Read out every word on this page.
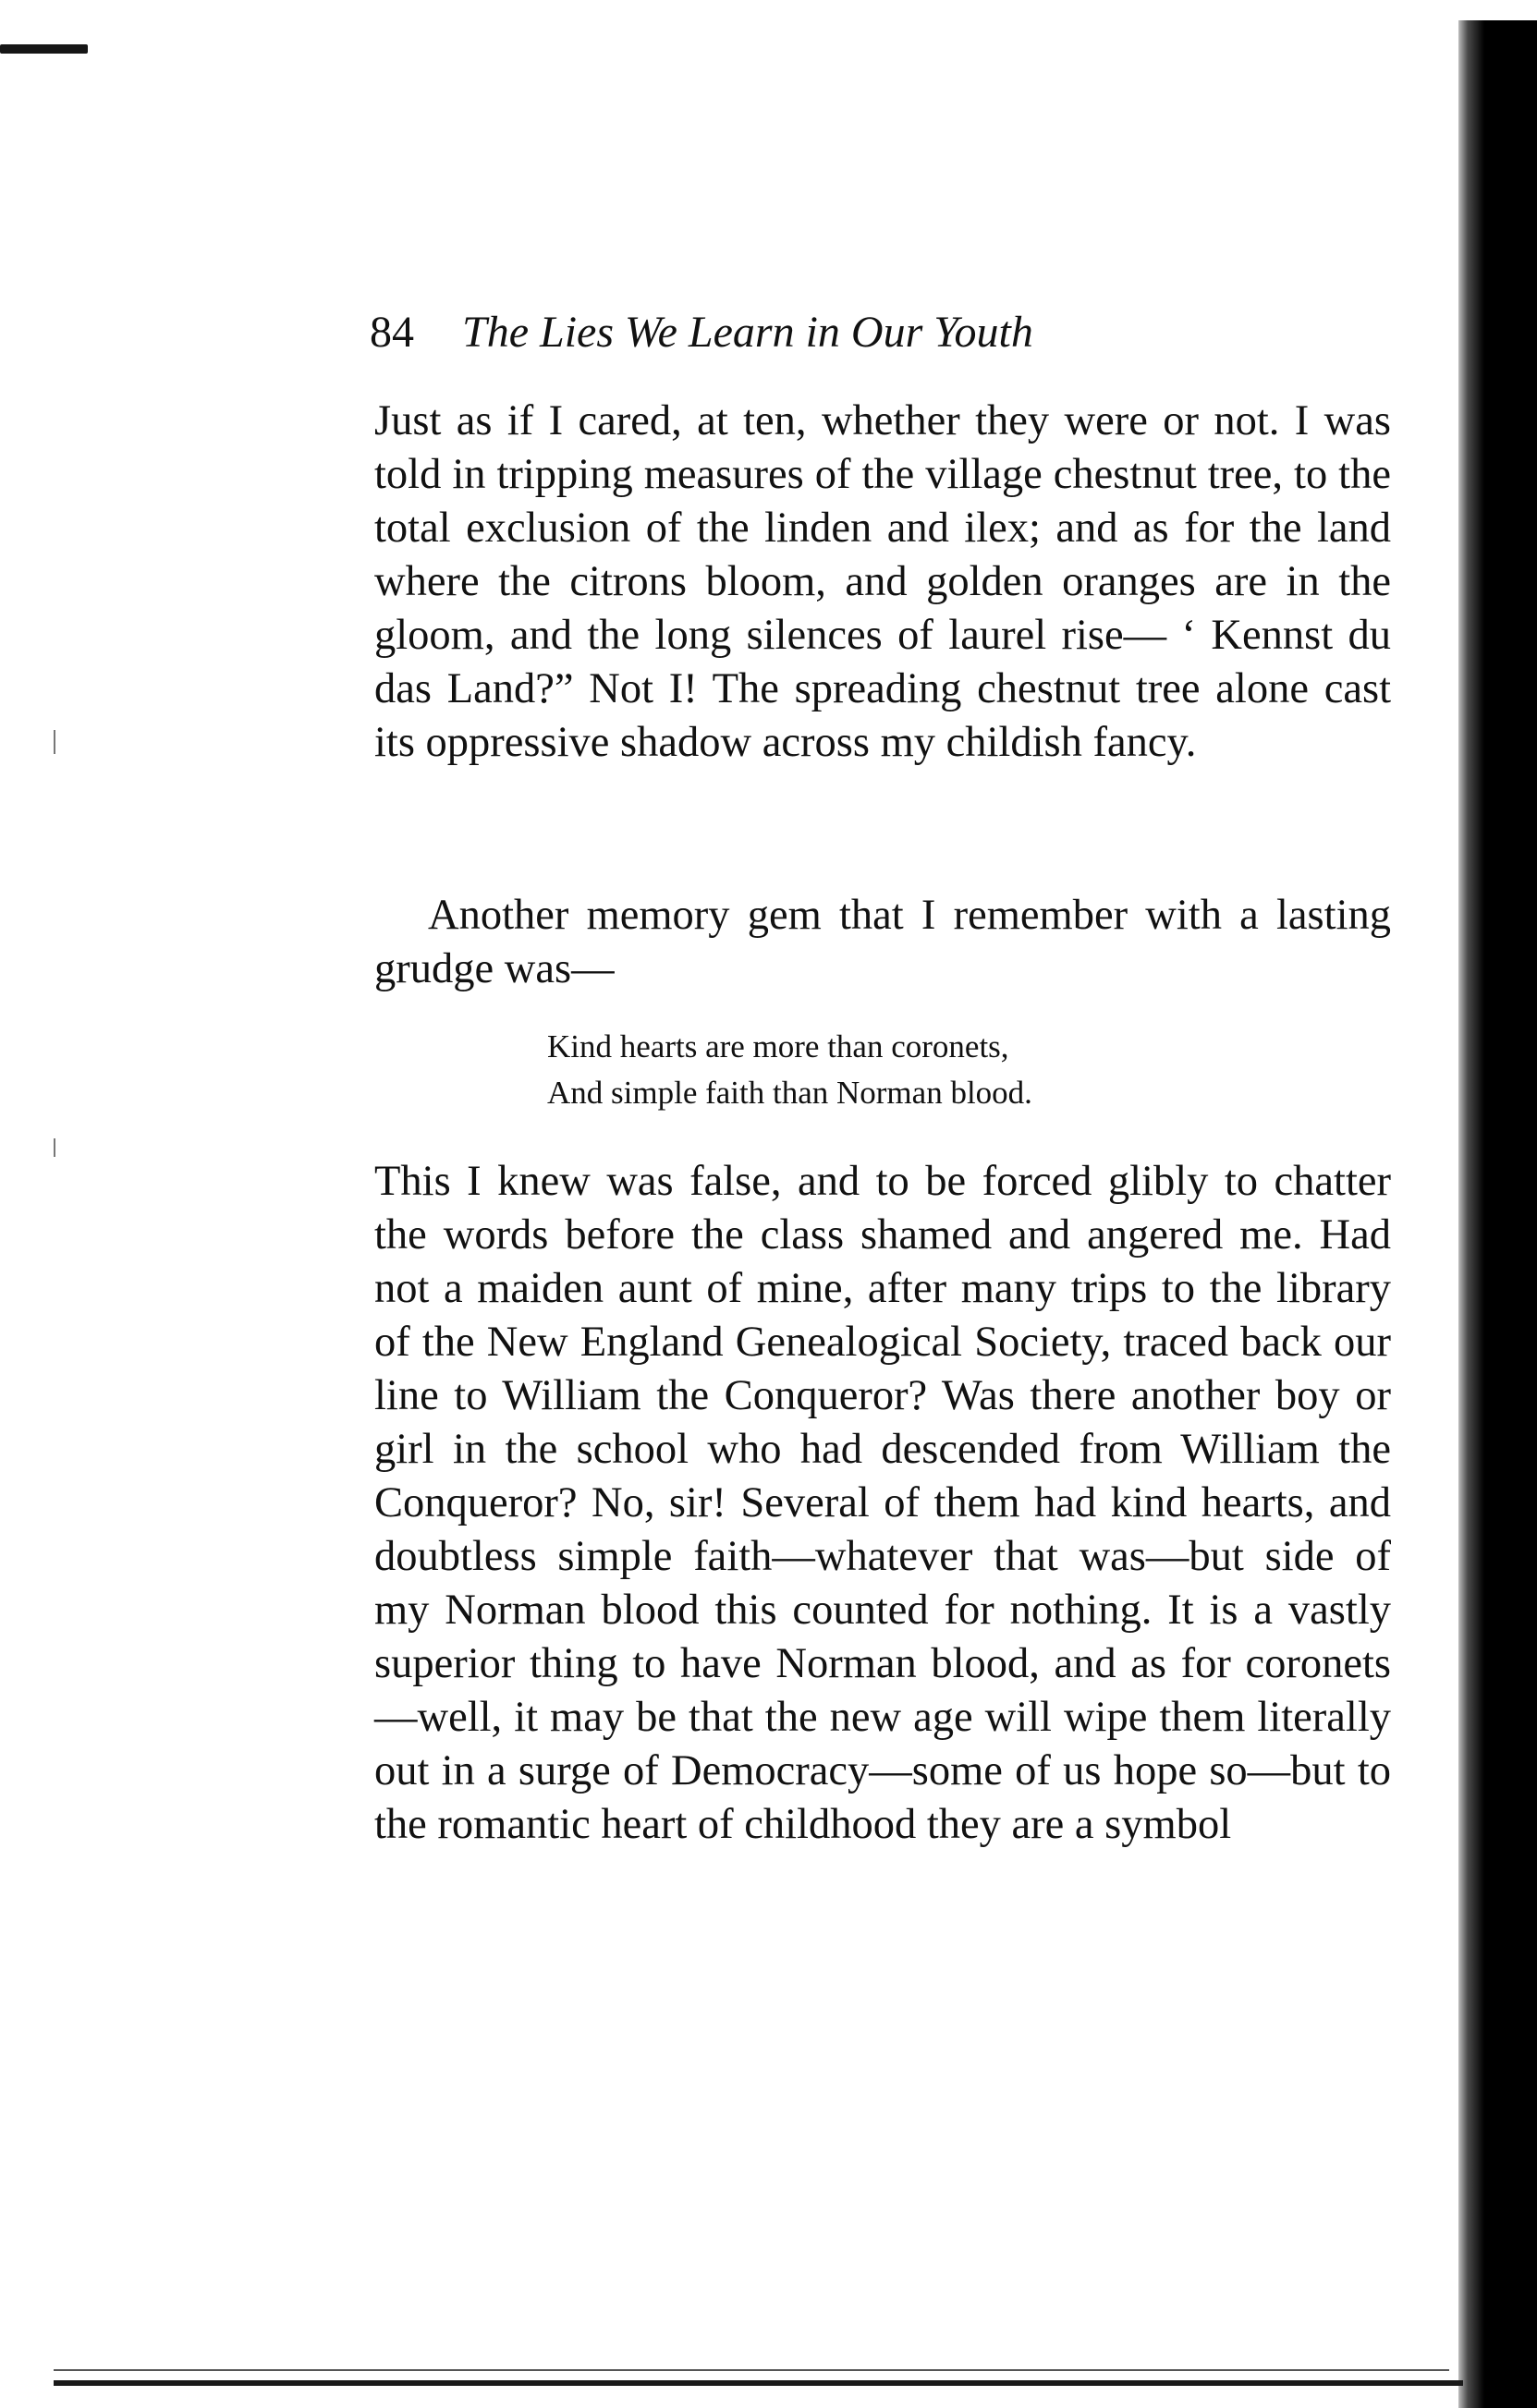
84 The Lies We Learn in Our Youth
Just as if I cared, at ten, whether they were or not. I was told in tripping measures of the village chestnut tree, to the total exclusion of the linden and ilex; and as for the land where the citrons bloom, and golden oranges are in the gloom, and the long silences of laurel rise— ‘ Kennst du das Land?” Not I! The spreading chestnut tree alone cast its oppressive shadow across my childish fancy.
Another memory gem that I remember with a lasting grudge was—
Kind hearts are more than coronets,
And simple faith than Norman blood.
This I knew was false, and to be forced glibly to chatter the words before the class shamed and angered me. Had not a maiden aunt of mine, after many trips to the library of the New England Genealogical Society, traced back our line to William the Conqueror? Was there another boy or girl in the school who had descended from William the Conqueror? No, sir! Several of them had kind hearts, and doubtless simple faith—whatever that was—but side of my Norman blood this counted for nothing. It is a vastly superior thing to have Norman blood, and as for coronets—well, it may be that the new age will wipe them literally out in a surge of Democracy—some of us hope so—but to the romantic heart of childhood they are a symbol
